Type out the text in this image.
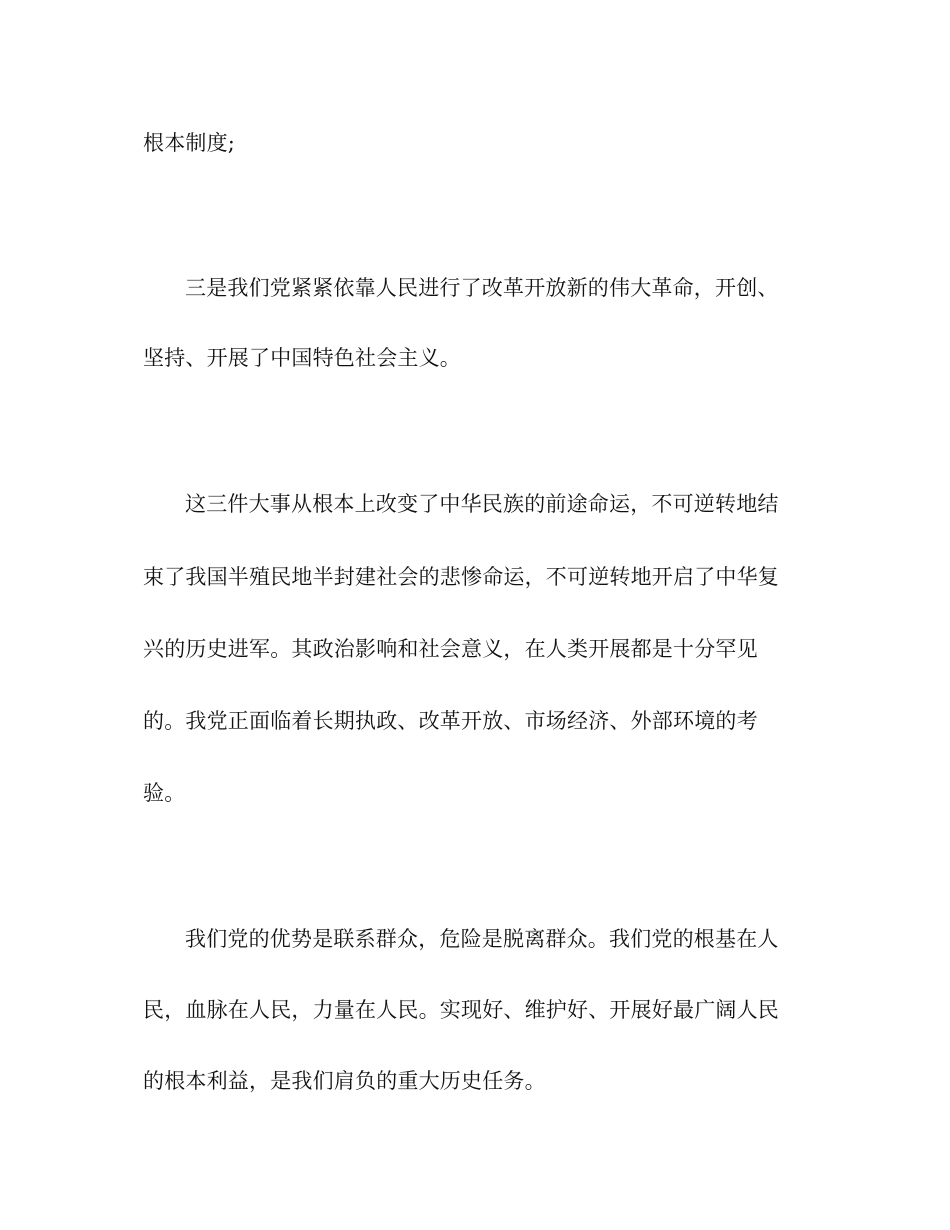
根本制度;
三是我们党紧紧依靠人民进行了改革开放新的伟大革命，开创、
坚持、开展了中国特色社会主义。
这三件大事从根本上改变了中华民族的前途命运，不可逆转地结
束了我国半殖民地半封建社会的悲惨命运，不可逆转地开启了中华复
兴的历史进军。其政治影响和社会意义，在人类开展都是十分罕见
的。我党正面临着长期执政、改革开放、市场经济、外部环境的考
验。
我们党的优势是联系群众，危险是脱离群众。我们党的根基在人
民，血脉在人民，力量在人民。实现好、维护好、开展好最广阔人民
的根本利益，是我们肩负的重大历史任务。
